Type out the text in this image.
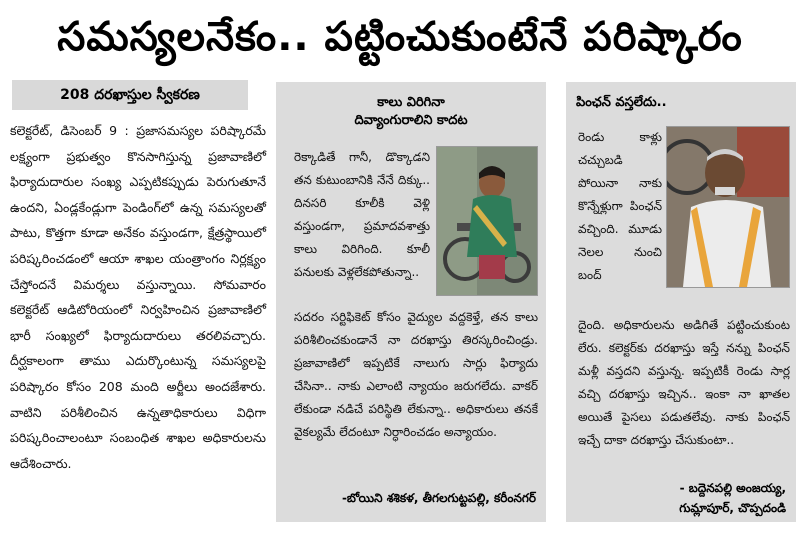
సమస్యలనేకం.. పట్టించుకుంటేనే పరిష్కారం
208 దరఖాస్తుల స్వీకరణ
కలెక్టరేట్‌, డిసెంబర్‌ 9 : ప్రజాసమస్యల పరిష్కారమే లక్ష్యంగా ప్రభుత్వం కొనసాగిస్తున్న ప్రజావాణిలో ఫిర్యాదుదారుల సంఖ్య ఎప్పటికప్పుడు పెరుగుతూనే ఉందని, ఏండ్లకేండ్లుగా పెండింగ్‌లో ఉన్న సమస్యలతో పాటు, కొత్తగా కూడా అనేకం వస్తుండగా, క్షేత్రస్థాయిలో పరిష్కరించడంలో ఆయా శాఖల యంత్రాంగం నిర్లక్ష్యం చేస్తోందనే విమర్శలు వస్తున్నాయి. సోమవారం కలెక్టరేట్‌ ఆడిటోరియంలో నిర్వహించిన ప్రజావాణిలో భారీ సంఖ్యలో ఫిర్యాదుదారులు తరలివచ్చారు. దీర్ఘకాలంగా తాము ఎదుర్కొంటున్న సమస్యలపై పరిష్కారం కోసం 208 మంది అర్జీలు అందజేశారు. వాటిని పరిశీలించిన ఉన్నతాధికారులు విధిగా పరిష్కరించాలంటూ సంబంధిత శాఖల అధికారులను ఆదేశించారు.
కాలు విరిగినా
దివ్యాంగురాలిని కాదట
రెక్కాడితే గానీ, డొక్కాడని తన కుటుంబానికి నేనే దిక్కు.. దినసరి కూలీకి వెళ్లి వస్తుండగా, ప్రమాదవశాత్తు కాలు విరిగింది. కూలీ పనులకు వెళ్లలేకపోతున్నా..
సదరం సర్టిఫికెట్‌ కోసం వైద్యుల వద్దకెళ్తే, తన కాలు పరిశీలించకుండానే నా దరఖాస్తు తిరస్కరించిండ్రు. ప్రజావాణిలో ఇప్పటికే నాలుగు సార్లు ఫిర్యాదు చేసినా.. నాకు ఎలాంటి న్యాయం జరుగలేదు. వాకర్‌ లేకుండా నడిచే పరిస్థితి లేకున్నా.. అధికారులు తనకే వైకల్యమే లేదంటూ నిర్ధారించడం అన్యాయం.
-బోయిని శశికళ, తీగలగుట్టపల్లి, కరీంనగర్‌
పింఛన్‌ వస్తలేదు..
రెండు కాళ్లు చచ్చుబడి పోయినా నాకు కొన్నేళ్లుగా పింఛన్‌ వచ్చింది. మూడు నెలల నుంచి బంద్
దైంది. అధికారులను అడిగితే పట్టించుకుంట లేరు. కలెక్టర్‌కు దరఖాస్తు ఇస్తే నన్ను పింఛన్‌ మళ్లీ వస్తదని వస్తున్న. ఇప్పటికీ రెండు సార్ల వచ్చి దరఖాస్తు ఇచ్చిన.. ఇంకా నా ఖాతల అయితే పైసలు పడుతలేవు. నాకు పింఛన్‌ ఇచ్చే దాకా దరఖాస్తు చేసుకుంటా..
- బద్దెనపల్లి అంజయ్య,
గుమ్లాపూర్‌, చొప్పదండి
